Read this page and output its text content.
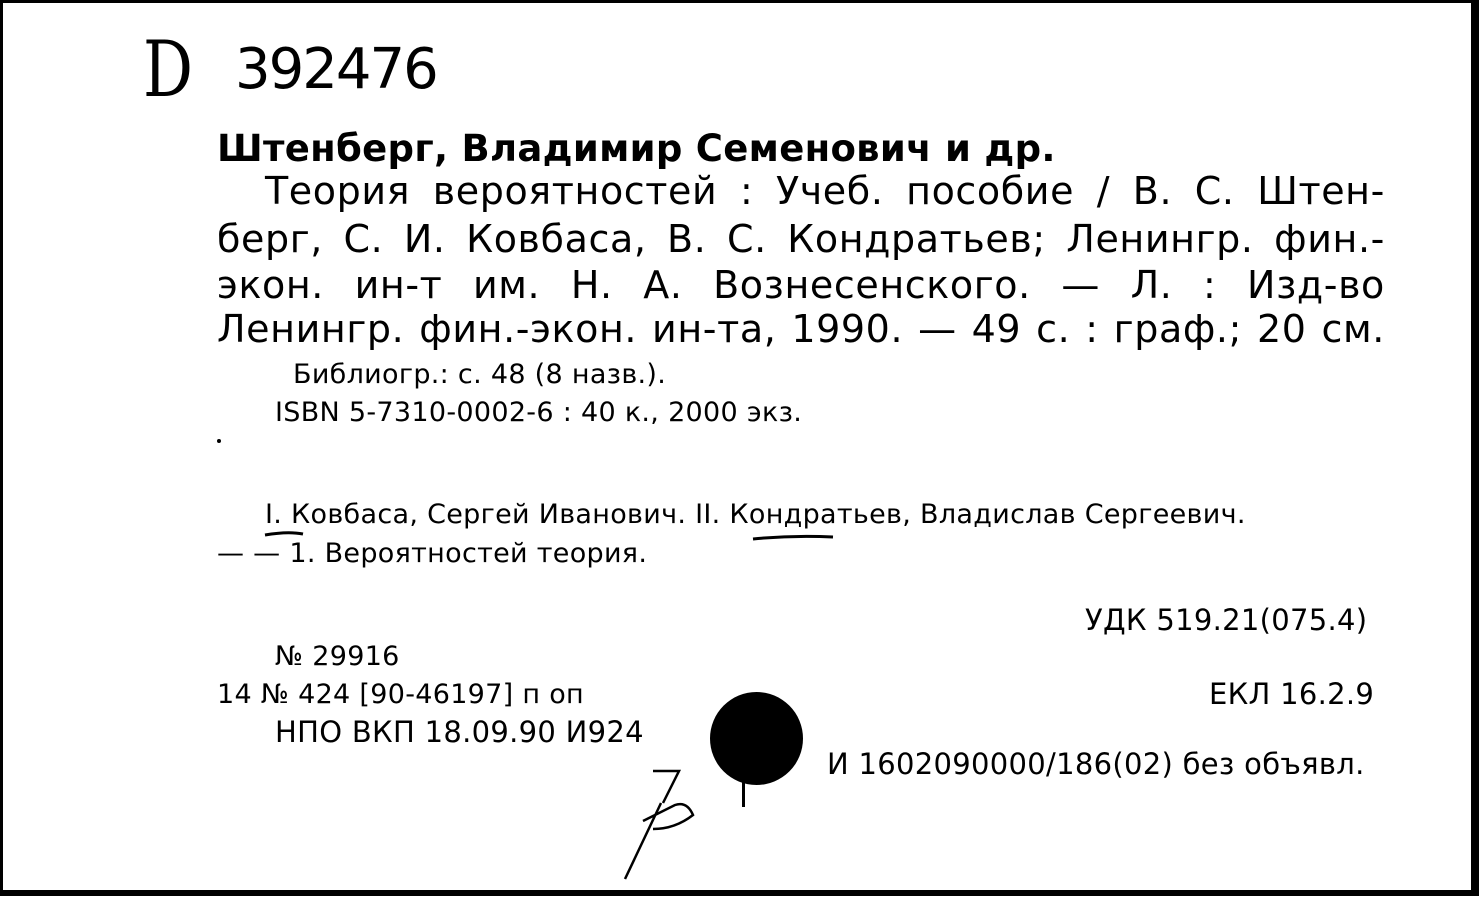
D 392476
Штенберг, Владимир Семенович и др.
Теория вероятностей : Учеб. пособие / В. С. Штен-
берг, С. И. Ковбаса, В. С. Кондратьев; Ленингр. фин.-
экон. ин-т им. Н. А. Вознесенского. — Л. : Изд-во
Ленингр. фин.-экон. ин-та, 1990. — 49 с. : граф.; 20 см.
Библиогр.: с. 48 (8 назв.).
ISBN 5-7310-0002-6 : 40 к., 2000 экз.
I. Ковбаса, Сергей Иванович. II. Кондратьев, Владислав Сергеевич.
— — 1. Вероятностей теория.
УДК 519.21(075.4)
№ 29916
14 № 424 [90-46197] п оп
НПО ВКП 18.09.90 И924
ЕКЛ 16.2.9
И 1602090000/186(02) без объявл.
